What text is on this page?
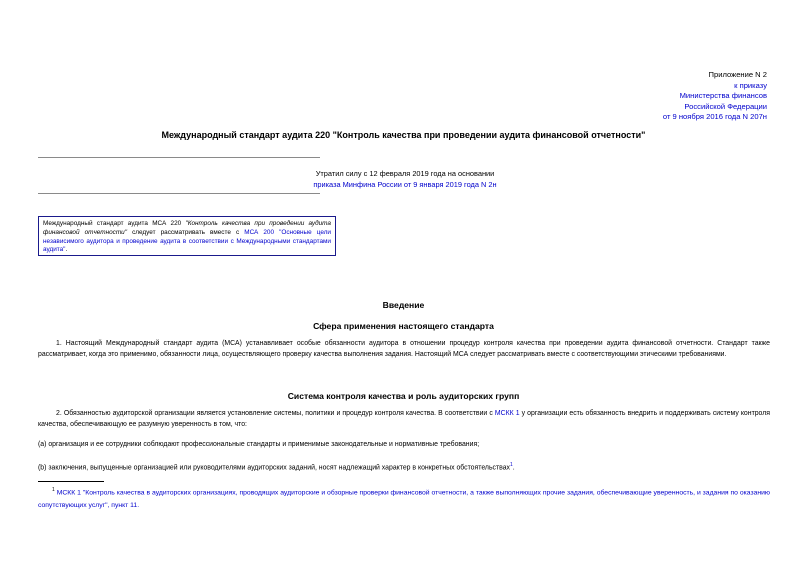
Приложение N 2
к приказу
Министерства финансов
Российской Федерации
от 9 ноября 2016 года N 207н
Международный стандарт аудита 220 "Контроль качества при проведении аудита финансовой отчетности"
Утратил силу с 12 февраля 2019 года на основании
приказа Минфина России от 9 января 2019 года N 2н
Международный стандарт аудита МСА 220 "Контроль качества при проведении аудита финансовой отчетности" следует рассматривать вместе с МСА 200 "Основные цели независимого аудитора и проведение аудита в соответствии с Международными стандартами аудита".
Введение
Сфера применения настоящего стандарта
1. Настоящий Международный стандарт аудита (МСА) устанавливает особые обязанности аудитора в отношении процедур контроля качества при проведении аудита финансовой отчетности. Стандарт также рассматривает, когда это применимо, обязанности лица, осуществляющего проверку качества выполнения задания. Настоящий МСА следует рассматривать вместе с соответствующими этическими требованиями.
Система контроля качества и роль аудиторских групп
2. Обязанностью аудиторской организации является установление системы, политики и процедур контроля качества. В соответствии с МСКК 1 у организации есть обязанность внедрить и поддерживать систему контроля качества, обеспечивающую ее разумную уверенность в том, что:
(a) организация и ее сотрудники соблюдают профессиональные стандарты и применимые законодательные и нормативные требования;
(b) заключения, выпущенные организацией или руководителями аудиторских заданий, носят надлежащий характер в конкретных обстоятельствах$^1$.
$^1$ МСКК 1 "Контроль качества в аудиторских организациях, проводящих аудиторские и обзорные проверки финансовой отчетности, а также выполняющих прочие задания, обеспечивающие уверенность, и задания по оказанию сопутствующих услуг", пункт 11.
